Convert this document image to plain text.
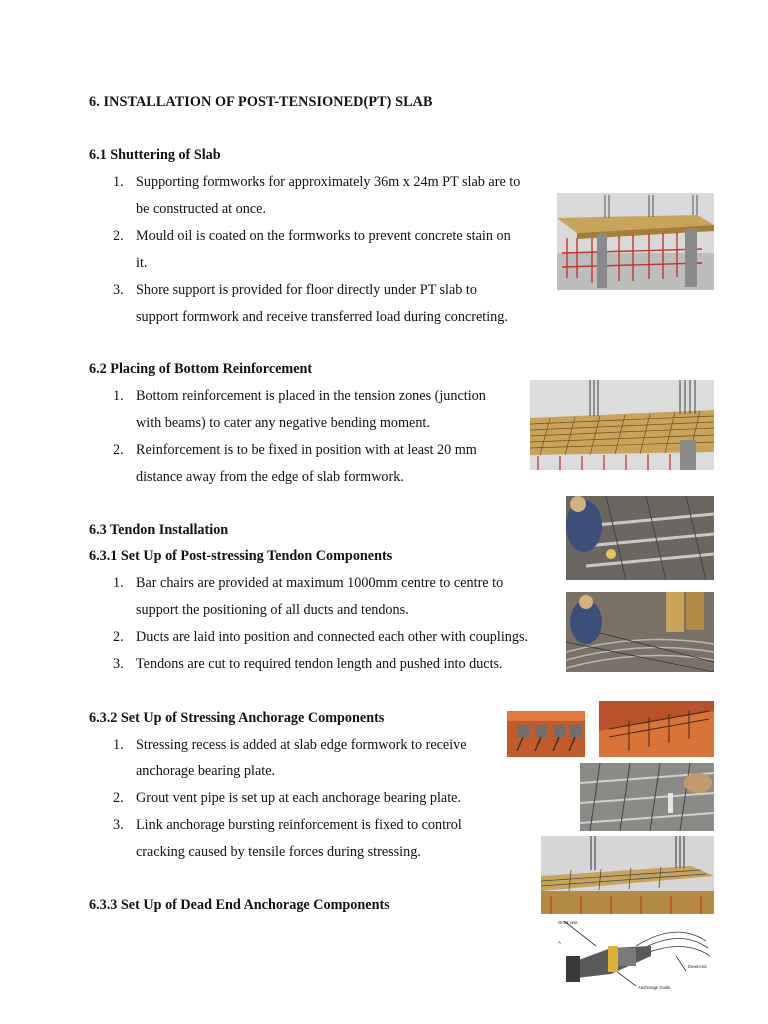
6. INSTALLATION OF POST-TENSIONED(PT) SLAB
6.1 Shuttering of Slab
1. Supporting formworks for approximately 36m x 24m PT slab are to
be constructed at once.
2. Mould oil is coated on the formworks to prevent concrete stain on
it.
3. Shore support is provided for floor directly under PT slab to
support formwork and receive transferred load during concreting.
6.2 Placing of Bottom Reinforcement
1. Bottom reinforcement is placed in the tension zones (junction
with beams) to cater any negative bending moment.
2. Reinforcement is to be fixed in position with at least 20 mm
distance away from the edge of slab formwork.
6.3 Tendon Installation
6.3.1 Set Up of Post-stressing Tendon Components
1. Bar chairs are provided at maximum 1000mm centre to centre to
support the positioning of all ducts and tendons.
2. Ducts are laid into position and connected each other with couplings.
3. Tendons are cut to required tendon length and pushed into ducts.
6.3.2 Set Up of Stressing Anchorage Components
1. Stressing recess is added at slab edge formwork to receive
anchorage bearing plate.
2. Grout vent pipe is set up at each anchorage bearing plate.
3. Link anchorage bursting reinforcement is fixed to control
cracking caused by tensile forces during stressing.
6.3.3 Set Up of Dead End Anchorage Components
Grout vent
A
Dead-end
Anchorage Guide
